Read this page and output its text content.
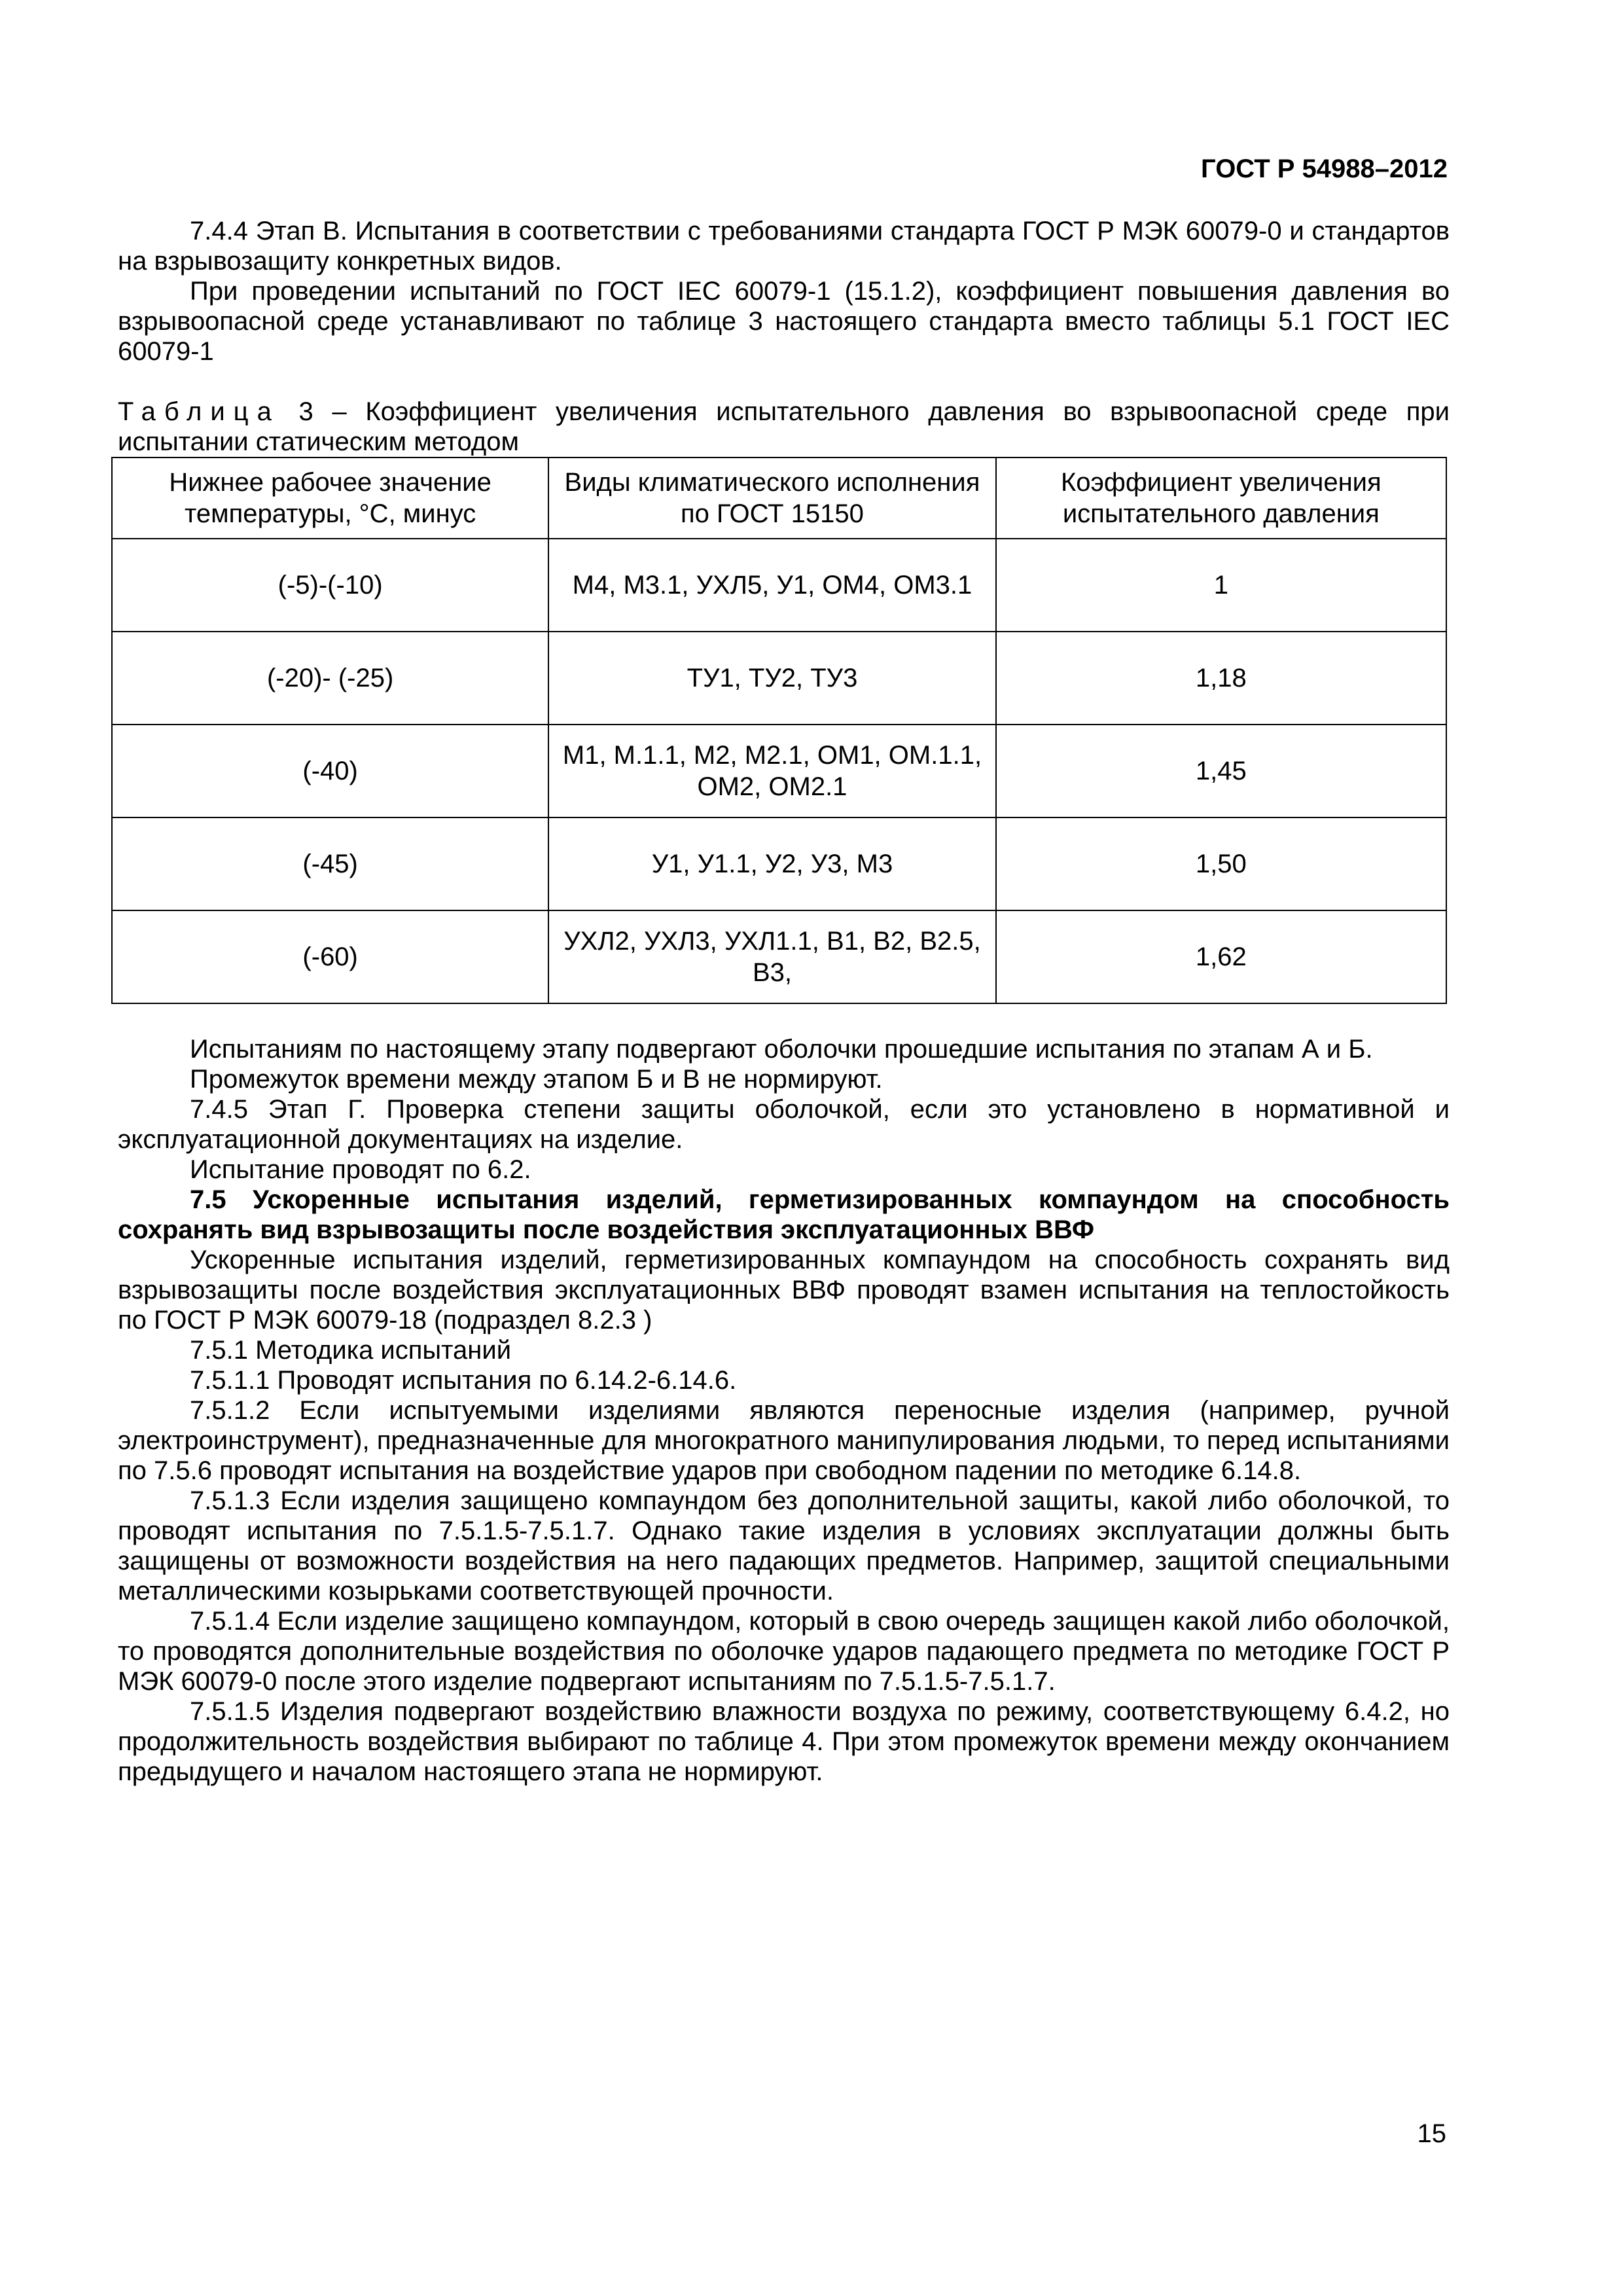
ГОСТ Р 54988–2012

7.4.4 Этап В. Испытания в соответствии с требованиями стандарта ГОСТ Р МЭК 60079-0 и стандартов на взрывозащиту конкретных видов.

При проведении испытаний по ГОСТ IEC 60079-1 (15.1.2), коэффициент повышения давления во взрывоопасной среде устанавливают по таблице 3 настоящего стандарта вместо таблицы 5.1 ГОСТ IEC 60079-1

Таблица 3 – Коэффициент увеличения испытательного давления во взрывоопасной среде при испытании статическим методом
Нижнее рабочее значение температуры, °С, минус	Виды климатического исполнения по ГОСТ 15150	Коэффициент увеличения испытательного давления
(-5)-(-10)	М4, М3.1, УХЛ5, У1, ОМ4, ОМ3.1	1
(-20)- (-25)	ТУ1, ТУ2, ТУ3	1,18
(-40)	М1, М.1.1, М2, М2.1, ОМ1, ОМ.1.1, ОМ2, ОМ2.1	1,45
(-45)	У1, У1.1, У2, У3, М3	1,50
(-60)	УХЛ2, УХЛ3, УХЛ1.1, В1, В2, В2.5, В3,	1,62

Испытаниям по настоящему этапу подвергают оболочки прошедшие испытания по этапам А и Б.

Промежуток времени между этапом Б и В не нормируют.

7.4.5 Этап Г. Проверка степени защиты оболочкой, если это установлено в нормативной и эксплуатационной документациях на изделие.

Испытание проводят по 6.2.

7.5 Ускоренные испытания изделий, герметизированных компаундом на способность сохранять вид взрывозащиты после воздействия эксплуатационных ВВФ

Ускоренные испытания изделий, герметизированных компаундом на способность сохранять вид взрывозащиты после воздействия эксплуатационных ВВФ проводят взамен испытания на теплостойкость по ГОСТ Р МЭК 60079-18 (подраздел 8.2.3 )

7.5.1 Методика испытаний

7.5.1.1 Проводят испытания по 6.14.2-6.14.6.

7.5.1.2 Если испытуемыми изделиями являются переносные изделия (например, ручной электроинструмент), предназначенные для многократного манипулирования людьми, то перед испытаниями по 7.5.6 проводят испытания на воздействие ударов при свободном падении по методике 6.14.8.

7.5.1.3 Если изделия защищено компаундом без дополнительной защиты, какой либо оболочкой, то проводят испытания по 7.5.1.5-7.5.1.7. Однако такие изделия в условиях эксплуатации должны быть защищены от возможности воздействия на него падающих предметов. Например, защитой специальными металлическими козырьками соответствующей прочности.

7.5.1.4 Если изделие защищено компаундом, который в свою очередь защищен какой либо оболочкой, то проводятся дополнительные воздействия по оболочке ударов падающего предмета по методике ГОСТ Р МЭК 60079-0 после этого изделие подвергают испытаниям по 7.5.1.5-7.5.1.7.

7.5.1.5 Изделия подвергают воздействию влажности воздуха по режиму, соответствующему 6.4.2, но продолжительность воздействия выбирают по таблице 4. При этом промежуток времени между окончанием предыдущего и началом настоящего этапа не нормируют.

15
